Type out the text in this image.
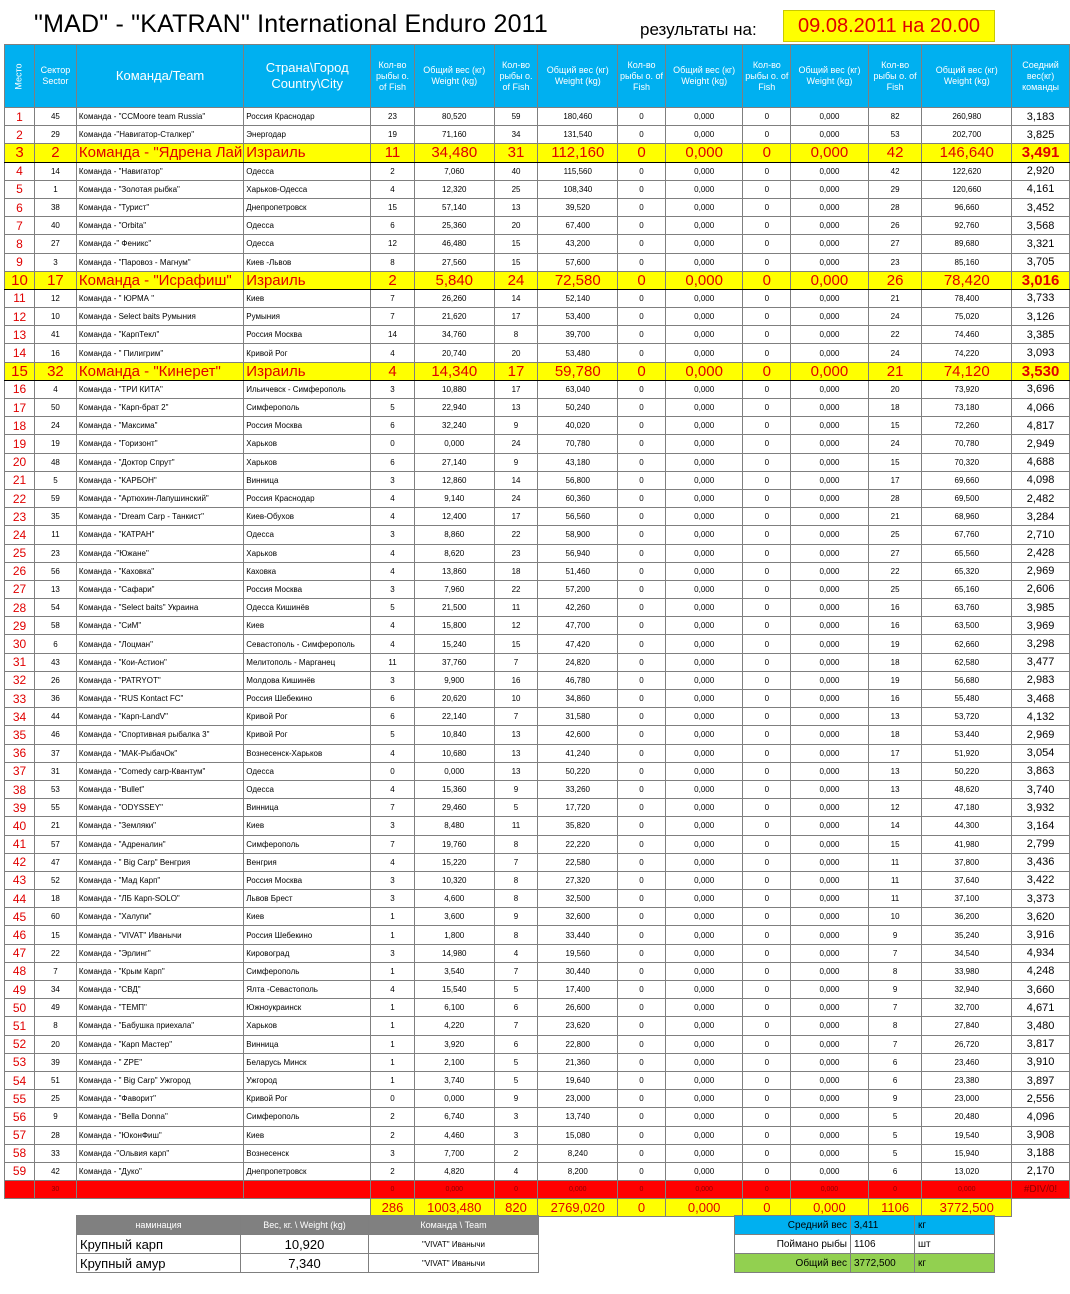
"MAD" - "KATRAN" International Enduro 2011	результаты на:	09.08.2011 на 20.00
Место	Сектор Sector	Команда/Team	Страна\Город Country\City	Кол-во рыбы о. of Fish	Общий вес (кг) Weight (kg)	Кол-во рыбы о. of Fish	Общий вес (кг) Weight (kg)	Кол-во рыбы о. of Fish	Общий вес (кг) Weight (kg)	Кол-во рыбы о. of Fish	Общий вес (кг) Weight (kg)	Кол-во рыбы о. of Fish	Общий вес (кг) Weight (kg)	Соедний вес(кг) команды
1	45	Команда - "CCMoore team Russia"	Россия Краснодар	23	80,520	59	180,460	0	0,000	0	0,000	82	260,980	3,183
2	29	Команда -"Навигатор-Сталкер"	Энергодар	19	71,160	34	131,540	0	0,000	0	0,000	53	202,700	3,825
3	2	Команда - "Ядрена Лай	Израиль	11	34,480	31	112,160	0	0,000	0	0,000	42	146,640	3,491
4	14	Команда - "Навигатор"	Одесса	2	7,060	40	115,560	0	0,000	0	0,000	42	122,620	2,920
5	1	Команда - "Золотая рыбка"	Харьков-Одесса	4	12,320	25	108,340	0	0,000	0	0,000	29	120,660	4,161
6	38	Команда - "Турист"	Днепропетровск	15	57,140	13	39,520	0	0,000	0	0,000	28	96,660	3,452
7	40	Команда - "Orbita"	Одесса	6	25,360	20	67,400	0	0,000	0	0,000	26	92,760	3,568
8	27	Команда -" Феникс"	Одесса	12	46,480	15	43,200	0	0,000	0	0,000	27	89,680	3,321
9	3	Команда - "Паровоз - Магнум"	Киев -Львов	8	27,560	15	57,600	0	0,000	0	0,000	23	85,160	3,705
10	17	Команда - "Исрафиш"	Израиль	2	5,840	24	72,580	0	0,000	0	0,000	26	78,420	3,016
11	12	Команда - " ЮРМА "	Киев	7	26,260	14	52,140	0	0,000	0	0,000	21	78,400	3,733
12	10	Команда - Select baits Румыния	Румыния	7	21,620	17	53,400	0	0,000	0	0,000	24	75,020	3,126
13	41	Команда - "КарпТекл"	Россия Москва	14	34,760	8	39,700	0	0,000	0	0,000	22	74,460	3,385
14	16	Команда - " Пилигрим"	Кривой Рог	4	20,740	20	53,480	0	0,000	0	0,000	24	74,220	3,093
15	32	Команда - "Кинерет"	Израиль	4	14,340	17	59,780	0	0,000	0	0,000	21	74,120	3,530
16	4	Команда - "ТРИ КИТА"	Ильичевск - Симферополь	3	10,880	17	63,040	0	0,000	0	0,000	20	73,920	3,696
17	50	Команда - "Карп-брат 2"	Симферополь	5	22,940	13	50,240	0	0,000	0	0,000	18	73,180	4,066
18	24	Команда - "Максима"	Россия Москва	6	32,240	9	40,020	0	0,000	0	0,000	15	72,260	4,817
19	19	Команда - "Горизонт"	Харьков	0	0,000	24	70,780	0	0,000	0	0,000	24	70,780	2,949
20	48	Команда - "Доктор Спрут"	Харьков	6	27,140	9	43,180	0	0,000	0	0,000	15	70,320	4,688
21	5	Команда - "КАРБОН"	Винница	3	12,860	14	56,800	0	0,000	0	0,000	17	69,660	4,098
22	59	Команда - "Артюхин-Лапушинский"	Россия Краснодар	4	9,140	24	60,360	0	0,000	0	0,000	28	69,500	2,482
23	35	Команда - "Dream Carp - Танкист"	Киев-Обухов	4	12,400	17	56,560	0	0,000	0	0,000	21	68,960	3,284
24	11	Команда - "КАТРАН"	Одесса	3	8,860	22	58,900	0	0,000	0	0,000	25	67,760	2,710
25	23	Команда -"Южане"	Харьков	4	8,620	23	56,940	0	0,000	0	0,000	27	65,560	2,428
26	56	Команда - "Каховка"	Каховка	4	13,860	18	51,460	0	0,000	0	0,000	22	65,320	2,969
27	13	Команда - "Сафари"	Россия Москва	3	7,960	22	57,200	0	0,000	0	0,000	25	65,160	2,606
28	54	Команда - "Select baits" Украина	Одесса Кишинёв	5	21,500	11	42,260	0	0,000	0	0,000	16	63,760	3,985
29	58	Команда - "СиМ"	Киев	4	15,800	12	47,700	0	0,000	0	0,000	16	63,500	3,969
30	6	Команда - "Лоцман"	Севастополь - Симферополь	4	15,240	15	47,420	0	0,000	0	0,000	19	62,660	3,298
31	43	Команда - "Кои-Астион"	Мелитополь - Марганец	11	37,760	7	24,820	0	0,000	0	0,000	18	62,580	3,477
32	26	Команда - "PATRYOT"	Молдова Кишинёв	3	9,900	16	46,780	0	0,000	0	0,000	19	56,680	2,983
33	36	Команда - "RUS Kontact FC"	Россия Шебекино	6	20,620	10	34,860	0	0,000	0	0,000	16	55,480	3,468
34	44	Команда - "Карп-LandV"	Кривой Рог	6	22,140	7	31,580	0	0,000	0	0,000	13	53,720	4,132
35	46	Команда - "Спортивная рыбалка 3"	Кривой Рог	5	10,840	13	42,600	0	0,000	0	0,000	18	53,440	2,969
36	37	Команда - "МАК-РыбачОк"	Вознесенск-Харьков	4	10,680	13	41,240	0	0,000	0	0,000	17	51,920	3,054
37	31	Команда - "Comedy carp-Квантум"	Одесса	0	0,000	13	50,220	0	0,000	0	0,000	13	50,220	3,863
38	53	Команда - "Bullet"	Одесса	4	15,360	9	33,260	0	0,000	0	0,000	13	48,620	3,740
39	55	Команда - "ODYSSEY"	Винница	7	29,460	5	17,720	0	0,000	0	0,000	12	47,180	3,932
40	21	Команда - "Земляки"	Киев	3	8,480	11	35,820	0	0,000	0	0,000	14	44,300	3,164
41	57	Команда - "Адреналин"	Симферополь	7	19,760	8	22,220	0	0,000	0	0,000	15	41,980	2,799
42	47	Команда - " Big Carp" Венгрия	Венгрия	4	15,220	7	22,580	0	0,000	0	0,000	11	37,800	3,436
43	52	Команда - "Мад Карп"	Россия Москва	3	10,320	8	27,320	0	0,000	0	0,000	11	37,640	3,422
44	18	Команда - "ЛБ Карп-SOLO"	Львов Брест	3	4,600	8	32,500	0	0,000	0	0,000	11	37,100	3,373
45	60	Команда - "Халупи"	Киев	1	3,600	9	32,600	0	0,000	0	0,000	10	36,200	3,620
46	15	Команда - "VIVAT" Иванычи	Россия Шебекино	1	1,800	8	33,440	0	0,000	0	0,000	9	35,240	3,916
47	22	Команда - "Эрлинг"	Кировоград	3	14,980	4	19,560	0	0,000	0	0,000	7	34,540	4,934
48	7	Команда - "Крым Карп"	Симферополь	1	3,540	7	30,440	0	0,000	0	0,000	8	33,980	4,248
49	34	Команда - "СВД"	Ялта -Севастополь	4	15,540	5	17,400	0	0,000	0	0,000	9	32,940	3,660
50	49	Команда - "ТЕМП"	Южноукраинск	1	6,100	6	26,600	0	0,000	0	0,000	7	32,700	4,671
51	8	Команда - "Бабушка приехала"	Харьков	1	4,220	7	23,620	0	0,000	0	0,000	8	27,840	3,480
52	20	Команда - "Карп Мастер"	Винница	1	3,920	6	22,800	0	0,000	0	0,000	7	26,720	3,817
53	39	Команда - " ZPE"	Беларусь Минск	1	2,100	5	21,360	0	0,000	0	0,000	6	23,460	3,910
54	51	Команда - " Big Carp" Ужгород	Ужгород	1	3,740	5	19,640	0	0,000	0	0,000	6	23,380	3,897
55	25	Команда - "Фаворит"	Кривой Рог	0	0,000	9	23,000	0	0,000	0	0,000	9	23,000	2,556
56	9	Команда - "Bella Donna"	Симферополь	2	6,740	3	13,740	0	0,000	0	0,000	5	20,480	4,096
57	28	Команда - "ЮконФиш"	Киев	2	4,460	3	15,080	0	0,000	0	0,000	5	19,540	3,908
58	33	Команда -"Ольвия карп"	Вознесенск	3	7,700	2	8,240	0	0,000	0	0,000	5	15,940	3,188
59	42	Команда - "Дуко"	Днепропетровск	2	4,820	4	8,200	0	0,000	0	0,000	6	13,020	2,170
	30			0	0,000	0	0,000	0	0,000	0	0,000	0	0,000	#DIV/0!
				286	1003,480	820	2769,020	0	0,000	0	0,000	1106	3772,500	
наминация	Вес, кг. \ Weight (kg)	Команда \ Team
Крупный карп	10,920	"VIVAT" Иванычи
Крупный амур	7,340	"VIVAT" Иванычи
Средний вес	3,411	кг
Поймано рыбы	1106	шт
Общий вес	3772,500	кг
